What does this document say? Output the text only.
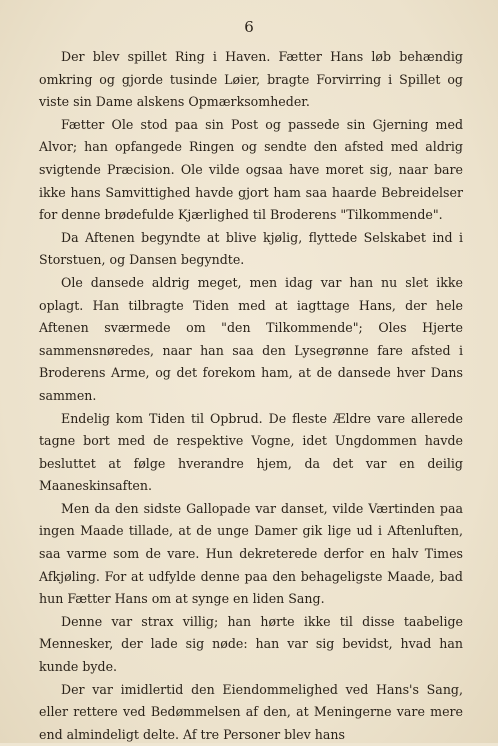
6

Der blev spillet Ring i Haven. Fætter Hans løb behændig omkring og gjorde tusinde Løier, bragte Forvirring i Spillet og viste sin Dame alskens Opmærksomheder.

Fætter Ole stod paa sin Post og passede sin Gjerning med Alvor; han opfangede Ringen og sendte den afsted med aldrig svigtende Præcision. Ole vilde ogsaa have moret sig, naar bare ikke hans Samvittighed havde gjort ham saa haarde Bebreidelser for denne brødefulde Kjærlighed til Broderens "Tilkommende".

Da Aftenen begyndte at blive kjølig, flyttede Selskabet ind i Storstuen, og Dansen begyndte.

Ole dansede aldrig meget, men idag var han nu slet ikke oplagt. Han tilbragte Tiden med at iagttage Hans, der hele Aftenen sværmede om "den Tilkommende"; Oles Hjerte sammensnøredes, naar han saa den Lysegrønne fare afsted i Broderens Arme, og det forekom ham, at de dansede hver Dans sammen.

Endelig kom Tiden til Opbrud. De fleste Ældre vare allerede tagne bort med de respektive Vogne, idet Ungdommen havde besluttet at følge hverandre hjem, da det var en deilig Maaneskinsaften.

Men da den sidste Gallopade var danset, vilde Værtinden paa ingen Maade tillade, at de unge Damer gik lige ud i Aftenluften, saa varme som de vare. Hun dekreterede derfor en halv Times Afkjøling. For at udfylde denne paa den behageligste Maade, bad hun Fætter Hans om at synge en liden Sang.

Denne var strax villig; han hørte ikke til disse taabelige Mennesker, der lade sig nøde: han var sig bevidst, hvad han kunde byde.

Der var imidlertid den Eiendommelighed ved Hans's Sang, eller rettere ved Bedømmelsen af den, at Meningerne vare mere end almindeligt delte. Af tre Personer blev hans
